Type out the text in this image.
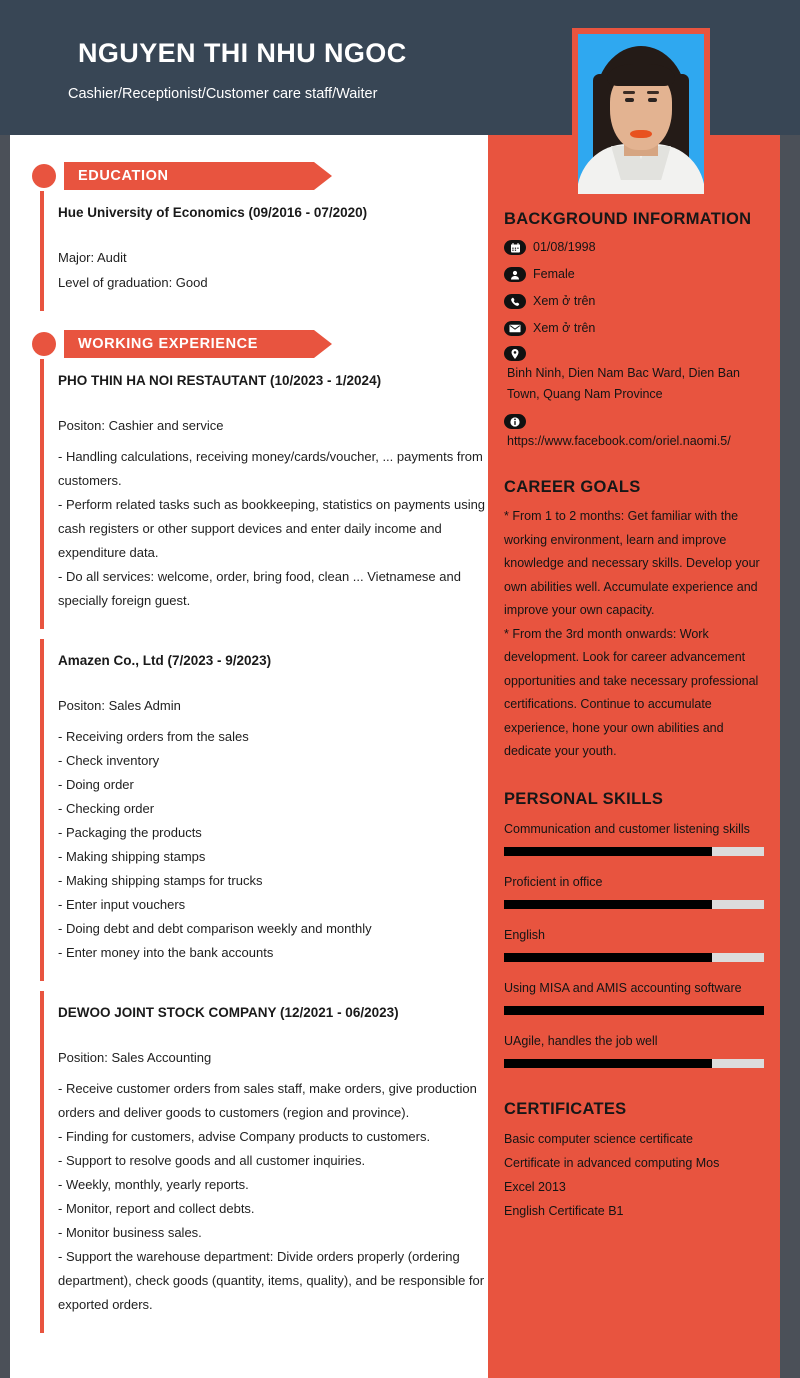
NGUYEN THI NHU NGOC
Cashier/Receptionist/Customer care staff/Waiter
EDUCATION
Hue University of Economics (09/2016 - 07/2020)
Major: Audit
Level of graduation: Good
WORKING EXPERIENCE
PHO THIN HA NOI RESTAUTANT (10/2023 - 1/2024)
Positon: Cashier and service
- Handling calculations, receiving money/cards/voucher, ... payments from customers.
- Perform related tasks such as bookkeeping, statistics on payments using cash registers or other support devices and enter daily income and expenditure data.
- Do all services: welcome, order, bring food, clean ... Vietnamese and specially foreign guest.
Amazen Co., Ltd (7/2023 - 9/2023)
Positon: Sales Admin
- Receiving orders from the sales
- Check inventory
- Doing order
- Checking order
- Packaging the products
- Making shipping stamps
- Making shipping stamps for trucks
- Enter input vouchers
- Doing debt and debt comparison weekly and monthly
- Enter money into the bank accounts
DEWOO JOINT STOCK COMPANY (12/2021 - 06/2023)
Position: Sales Accounting
- Receive customer orders from sales staff, make orders, give production orders and deliver goods to customers (region and province).
- Finding for customers, advise Company products to customers.
- Support to resolve goods and all customer inquiries.
- Weekly, monthly, yearly reports.
- Monitor, report and collect debts.
- Monitor business sales.
- Support the warehouse department: Divide orders properly (ordering department), check goods (quantity, items, quality), and be responsible for exported orders.
BACKGROUND INFORMATION
01/08/1998
Female
Xem ở trên
Xem ở trên
Binh Ninh, Dien Nam Bac Ward, Dien Ban Town, Quang Nam Province
https://www.facebook.com/oriel.naomi.5/
CAREER GOALS
* From 1 to 2 months: Get familiar with the working environment, learn and improve knowledge and necessary skills. Develop your own abilities well. Accumulate experience and improve your own capacity.
* From the 3rd month onwards: Work development. Look for career advancement opportunities and take necessary professional certifications. Continue to accumulate experience, hone your own abilities and dedicate your youth.
PERSONAL SKILLS
Communication and customer listening skills
Proficient in office
English
Using MISA and AMIS accounting software
UAgile, handles the job well
CERTIFICATES
Basic computer science certificate
Certificate in advanced computing Mos
Excel 2013
English Certificate B1
